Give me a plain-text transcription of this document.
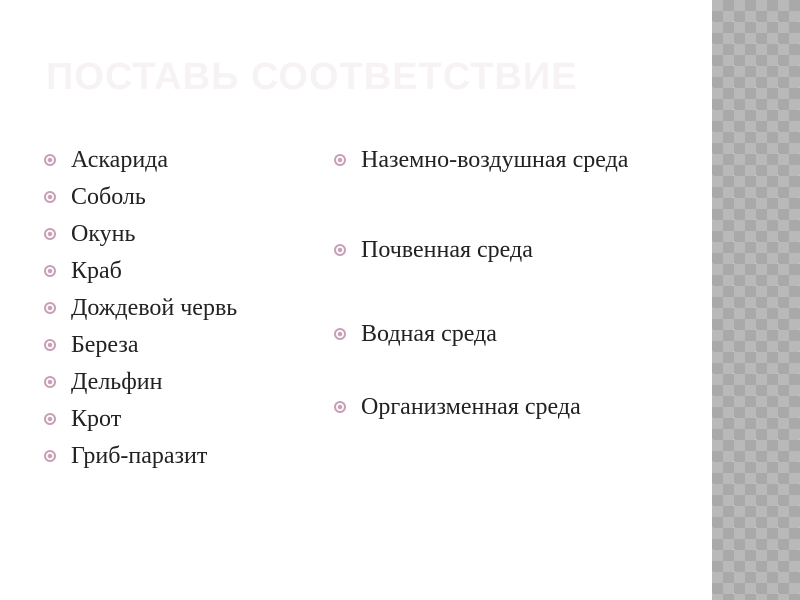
ПОСТАВЬ СООТВЕТСТВИЕ
Аскарида
Соболь
Окунь
Краб
Дождевой червь
Береза
Дельфин
Крот
Гриб-паразит
Наземно-воздушная среда
Почвенная среда
Водная среда
Организменная среда
